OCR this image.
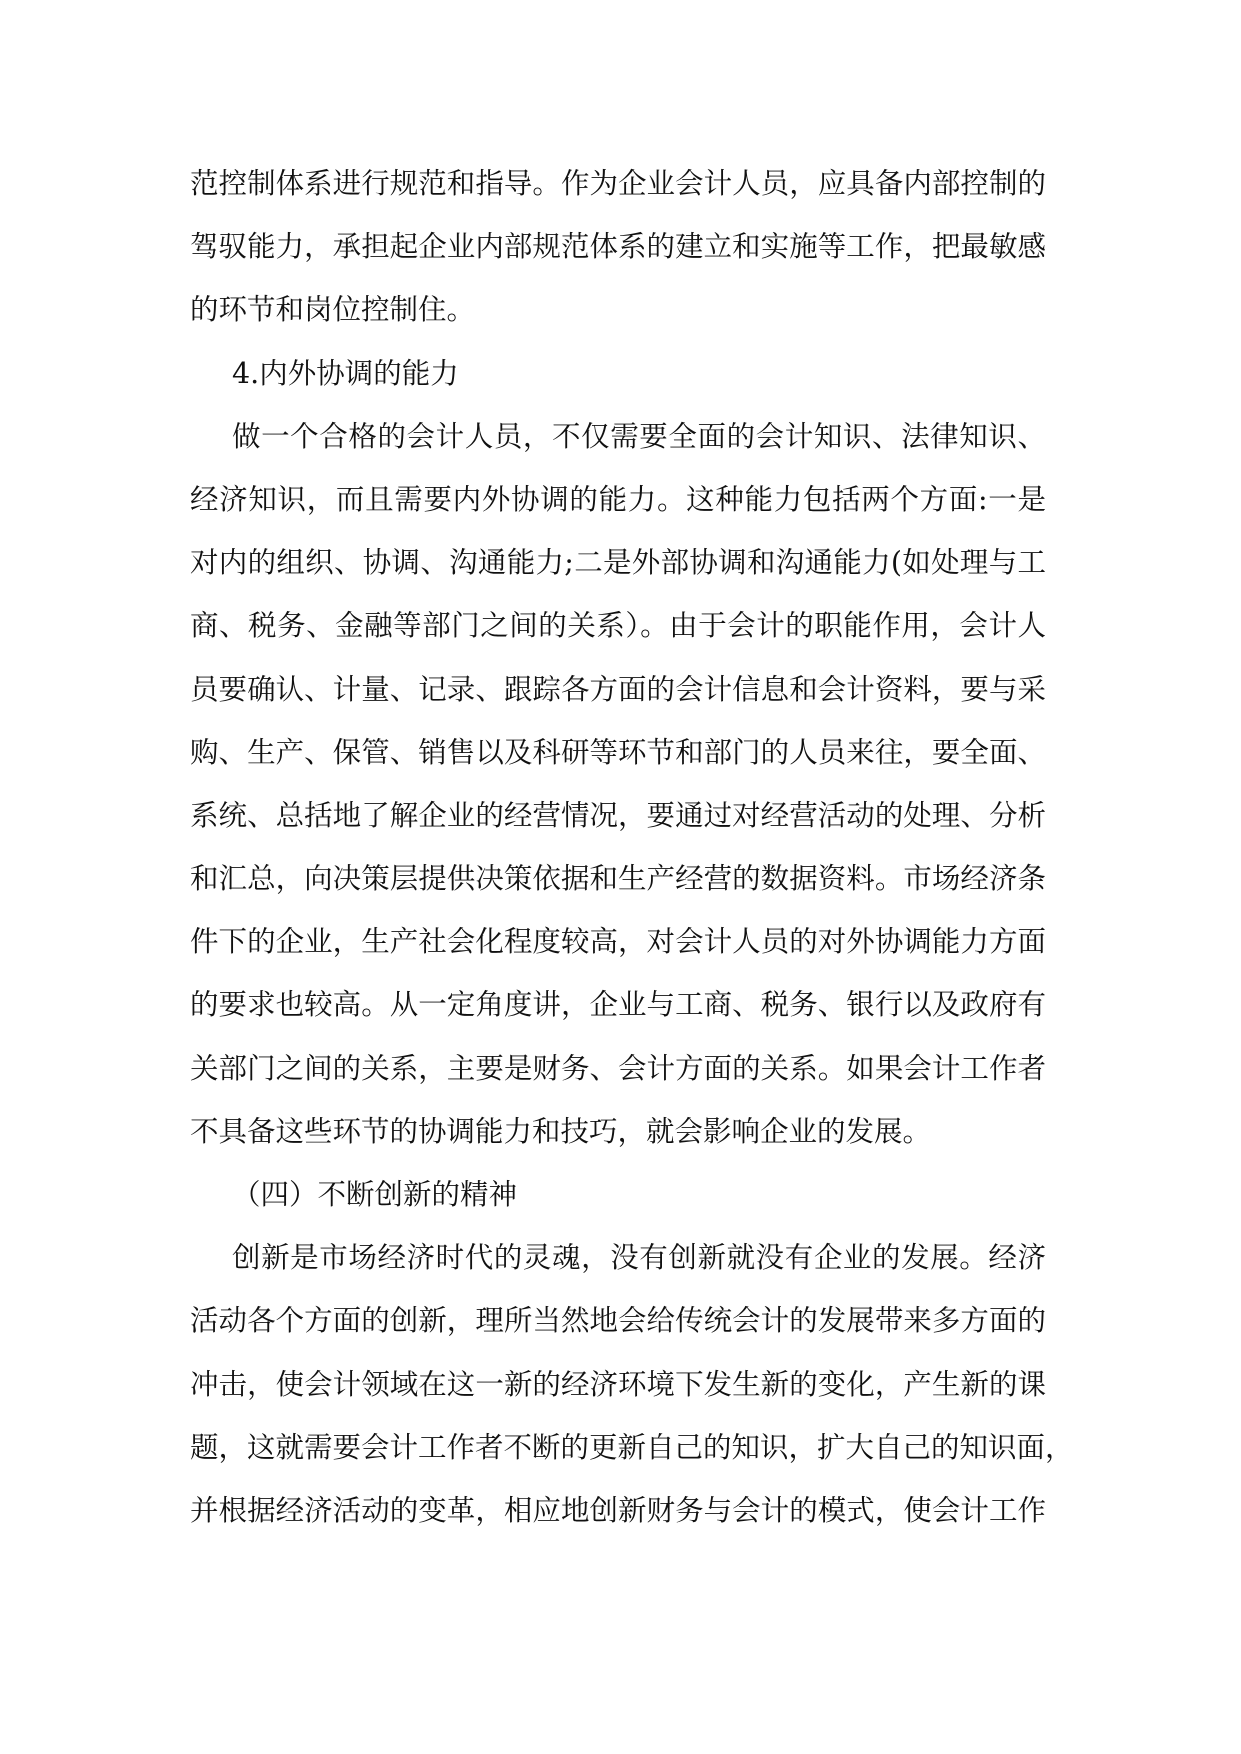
范控制体系进行规范和指导。作为企业会计人员，应具备内部控制的
驾驭能力，承担起企业内部规范体系的建立和实施等工作，把最敏感
的环节和岗位控制住。
4.内外协调的能力
做一个合格的会计人员，不仅需要全面的会计知识、法律知识、
经济知识，而且需要内外协调的能力。这种能力包括两个方面:一是
对内的组织、协调、沟通能力;二是外部协调和沟通能力(如处理与工
商、税务、金融等部门之间的关系）。由于会计的职能作用，会计人
员要确认、计量、记录、跟踪各方面的会计信息和会计资料，要与采
购、生产、保管、销售以及科研等环节和部门的人员来往，要全面、
系统、总括地了解企业的经营情况，要通过对经营活动的处理、分析
和汇总，向决策层提供决策依据和生产经营的数据资料。市场经济条
件下的企业，生产社会化程度较高，对会计人员的对外协调能力方面
的要求也较高。从一定角度讲，企业与工商、税务、银行以及政府有
关部门之间的关系，主要是财务、会计方面的关系。如果会计工作者
不具备这些环节的协调能力和技巧，就会影响企业的发展。
（四）不断创新的精神
创新是市场经济时代的灵魂，没有创新就没有企业的发展。经济
活动各个方面的创新，理所当然地会给传统会计的发展带来多方面的
冲击，使会计领域在这一新的经济环境下发生新的变化，产生新的课
题，这就需要会计工作者不断的更新自己的知识，扩大自己的知识面，
并根据经济活动的变革，相应地创新财务与会计的模式，使会计工作
